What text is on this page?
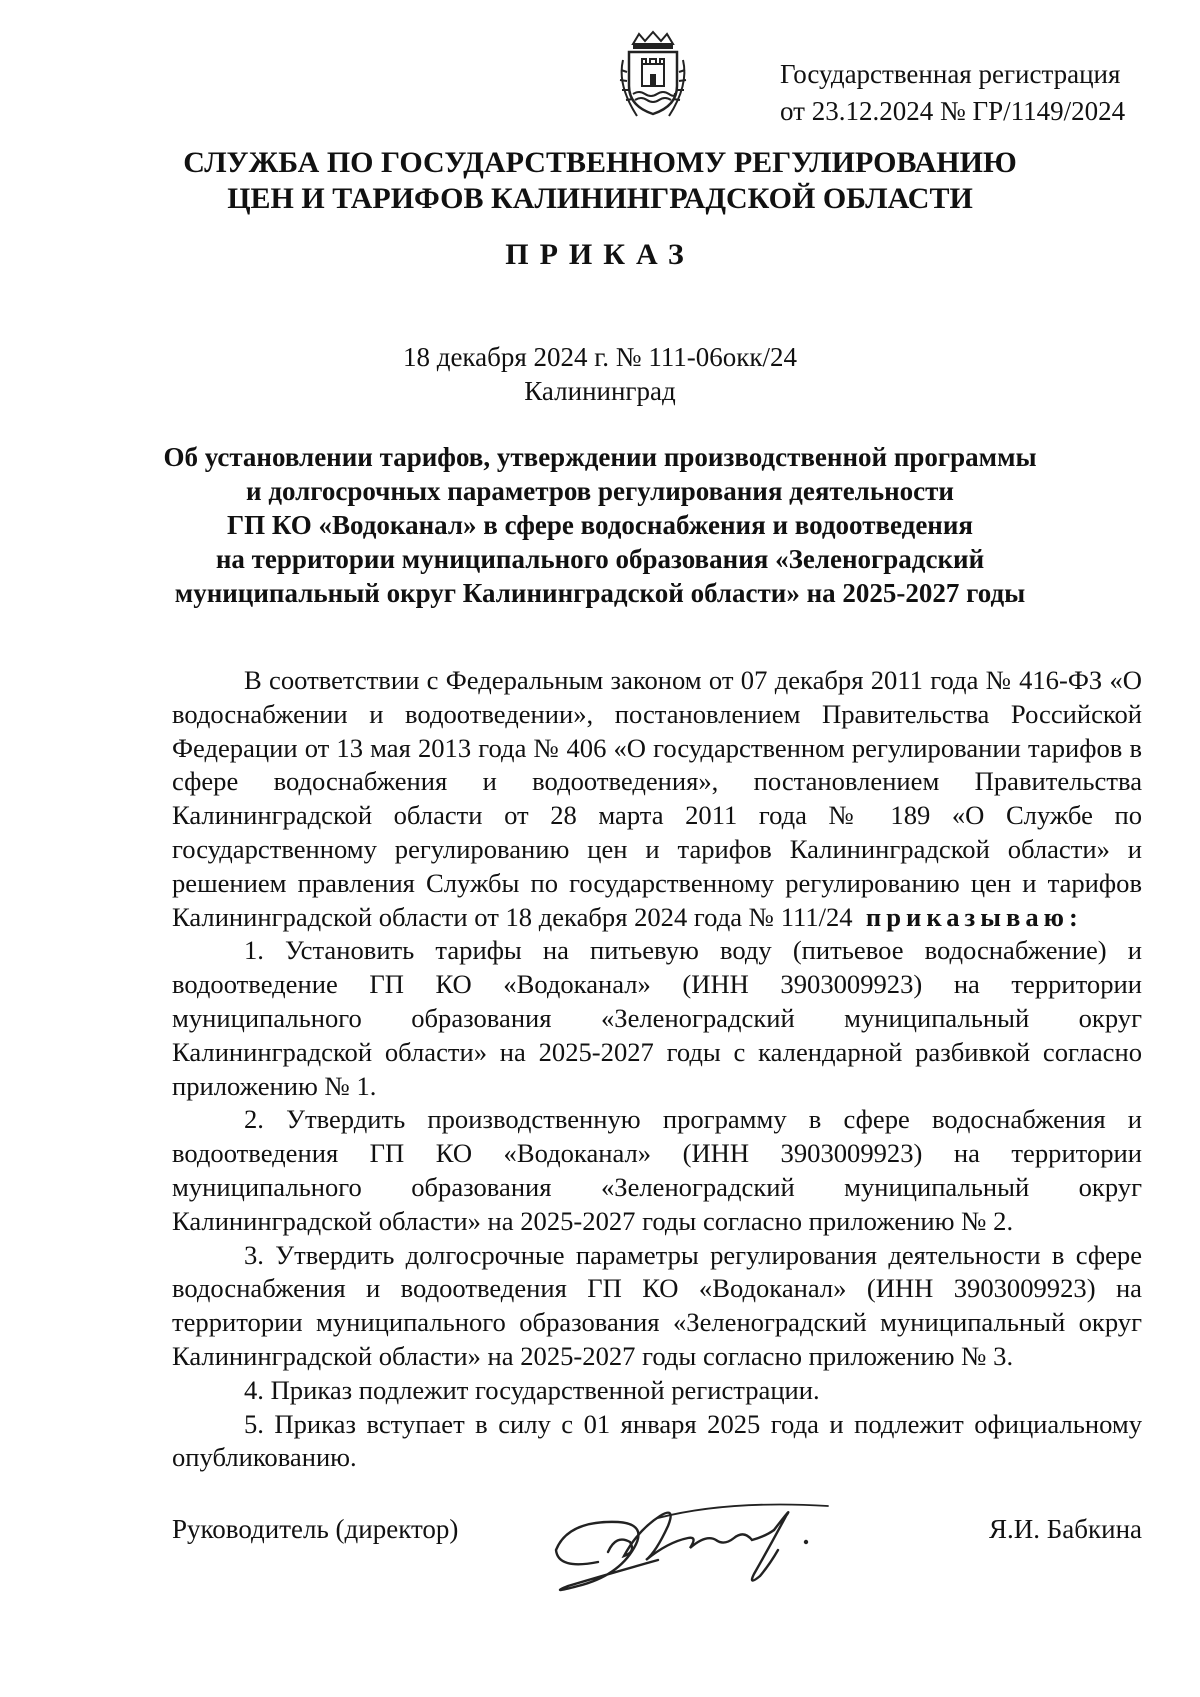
Государственная регистрация
от 23.12.2024 № ГР/1149/2024
СЛУЖБА ПО ГОСУДАРСТВЕННОМУ РЕГУЛИРОВАНИЮ
ЦЕН И ТАРИФОВ КАЛИНИНГРАДСКОЙ ОБЛАСТИ
ПРИКАЗ
18 декабря 2024 г. № 111-06окк/24
Калининград
Об установлении тарифов, утверждении производственной программы
и долгосрочных параметров регулирования деятельности
ГП КО «Водоканал» в сфере водоснабжения и водоотведения
на территории муниципального образования «Зеленоградский
муниципальный округ Калининградской области» на 2025-2027 годы

В соответствии с Федеральным законом от 07 декабря 2011 года № 416-ФЗ «О водоснабжении и водоотведении», постановлением Правительства Российской Федерации от 13 мая 2013 года № 406 «О государственном регулировании тарифов в сфере водоснабжения и водоотведения», постановлением Правительства Калининградской области от 28 марта 2011 года № 189 «О Службе по государственному регулированию цен и тарифов Калининградской области» и решением правления Службы по государственному регулированию цен и тарифов Калининградской области от 18 декабря 2024 года № 111/24 приказываю:

1. Установить тарифы на питьевую воду (питьевое водоснабжение) и водоотведение ГП КО «Водоканал» (ИНН 3903009923) на территории муниципального образования «Зеленоградский муниципальный округ Калининградской области» на 2025-2027 годы с календарной разбивкой согласно приложению № 1.

2. Утвердить производственную программу в сфере водоснабжения и водоотведения ГП КО «Водоканал» (ИНН 3903009923) на территории муниципального образования «Зеленоградский муниципальный округ Калининградской области» на 2025-2027 годы согласно приложению № 2.

3. Утвердить долгосрочные параметры регулирования деятельности в сфере водоснабжения и водоотведения ГП КО «Водоканал» (ИНН 3903009923) на территории муниципального образования «Зеленоградский муниципальный округ Калининградской области» на 2025-2027 годы согласно приложению № 3.

4. Приказ подлежит государственной регистрации.

5. Приказ вступает в силу с 01 января 2025 года и подлежит официальному опубликованию.

Руководитель (директор)	Я.И. Бабкина
